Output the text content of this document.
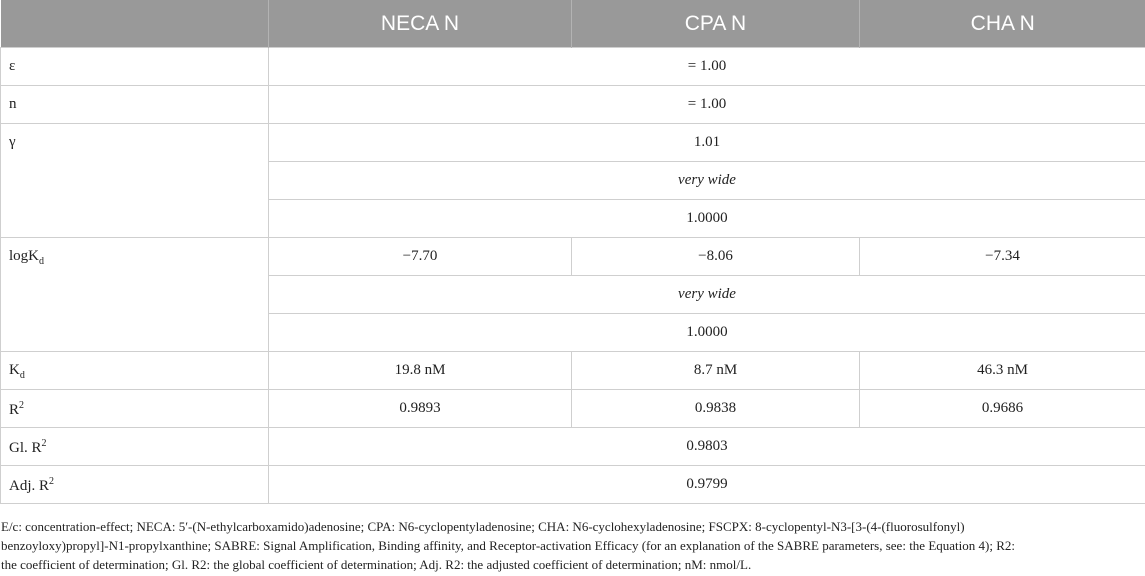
	NECA N	CPA N	CHA N
ε	= 1.00		
n	= 1.00		
γ	1.01		
	very wide		
	1.0000		
logK$_d$	−7.70	−8.06	−7.34
	very wide		
	1.0000		
$K_d$	19.8 nM	8.7 nM	46.3 nM
$R^2$	0.9893	0.9838	0.9686
Gl. $R^2$	0.9803		
Adj. $R^2$	0.9799		

E/c: concentration-effect; NECA: 5′-(N-ethylcarboxamido)adenosine; CPA: N6-cyclopentyladenosine; CHA: N6-cyclohexyladenosine; FSCPX: 8-cyclopentyl-N3-[3-(4-(fluorosulfonyl)

benzoyloxy)propyl]-N1-propylxanthine; SABRE: Signal Amplification, Binding affinity, and Receptor-activation Efficacy (for an explanation of the SABRE parameters, see: the Equation 4); R2:

the coefficient of determination; Gl. R2: the global coefficient of determination; Adj. R2: the adjusted coefficient of determination; nM: nmol/L.
